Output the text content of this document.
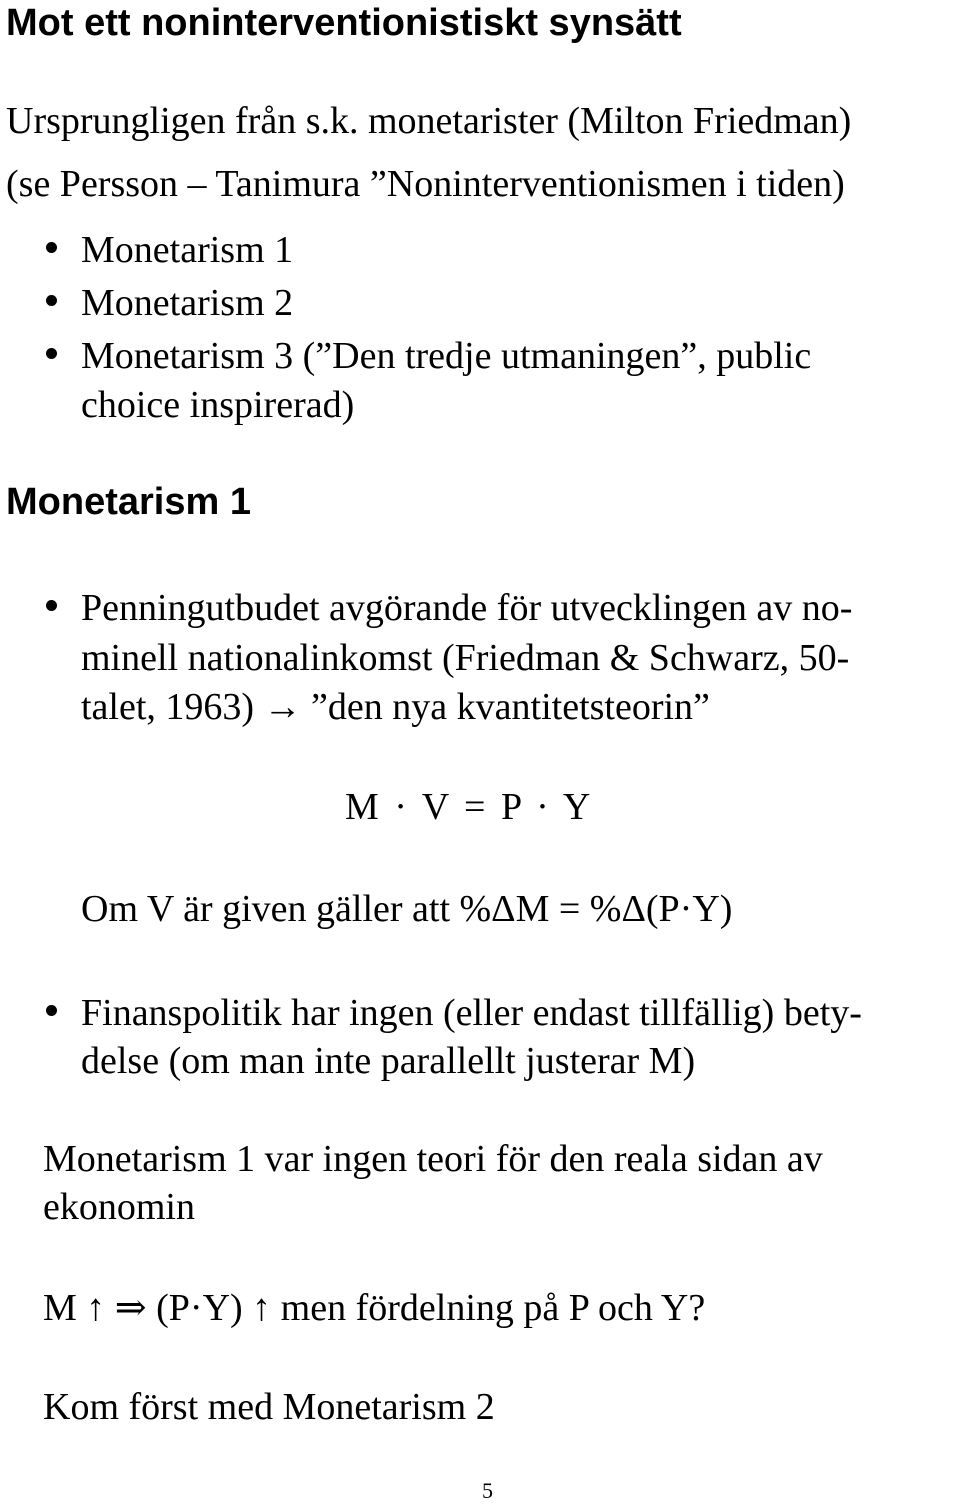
Mot ett noninterventionistiskt synsätt
Ursprungligen från s.k. monetarister (Milton Friedman)
(se Persson – Tanimura ”Noninterventionismen i tiden)
Monetarism 1
Monetarism 2
Monetarism 3 (”Den tredje utmaningen”, public
choice inspirerad)
Monetarism 1
Penningutbudet avgörande för utvecklingen av no-
minell nationalinkomst (Friedman & Schwarz, 50-
talet, 1963) → ”den nya kvantitetsteorin”
M · V = P · Y
Om V är given gäller att %ΔM = %Δ(P·Y)
Finanspolitik har ingen (eller endast tillfällig) bety-
delse (om man inte parallellt justerar M)
Monetarism 1 var ingen teori för den reala sidan av
ekonomin
M ↑ ⇒ (P·Y) ↑ men fördelning på P och Y?
Kom först med Monetarism 2
5
